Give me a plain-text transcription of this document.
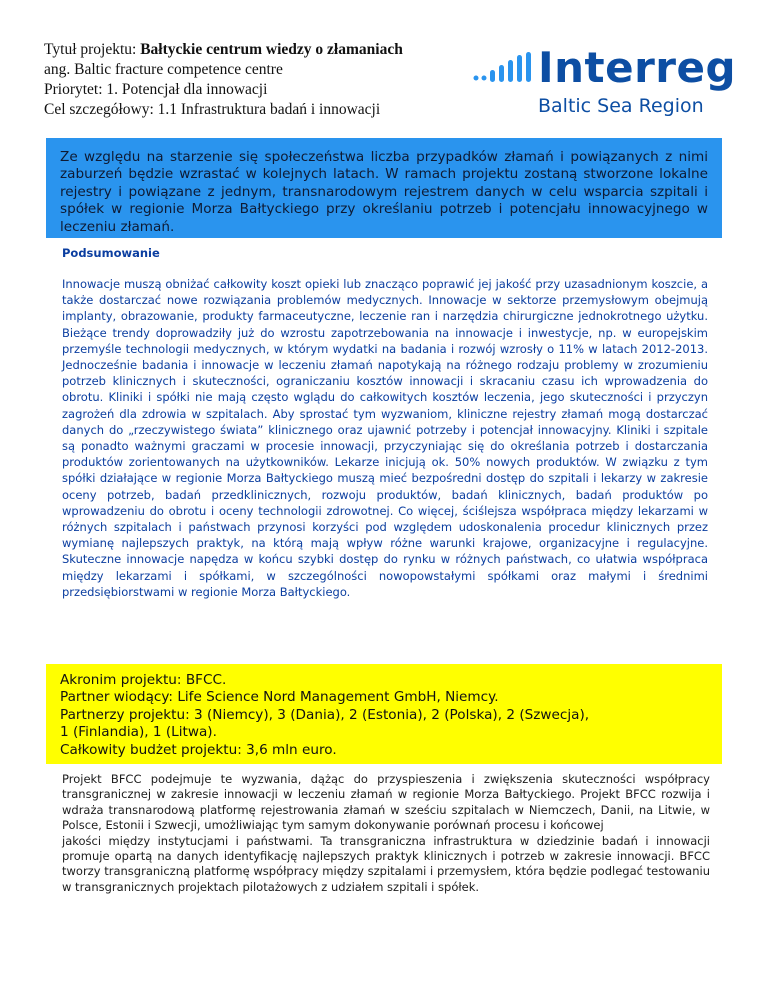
Tytuł projektu: Bałtyckie centrum wiedzy o złamaniach
ang. Baltic fracture competence centre
Priorytet: 1. Potencjał dla innowacji
Cel szczegółowy: 1.1 Infrastruktura badań i innowacji
Interreg
Baltic Sea Region
Ze względu na starzenie się społeczeństwa liczba przypadków złamań i powiązanych z nimi zaburzeń będzie wzrastać w kolejnych latach. W ramach projektu zostaną stworzone lokalne rejestry i powiązane z jednym, transnarodowym rejestrem danych w celu wsparcia szpitali i spółek w regionie Morza Bałtyckiego przy określaniu potrzeb i potencjału innowacyjnego w leczeniu złamań.
Podsumowanie
Innowacje muszą obniżać całkowity koszt opieki lub znacząco poprawić jej jakość przy uzasadnionym koszcie, a także dostarczać nowe rozwiązania problemów medycznych. Innowacje w sektorze przemysłowym obejmują implanty, obrazowanie, produkty farmaceutyczne, leczenie ran i narzędzia chirurgiczne jednokrotnego użytku. Bieżące trendy doprowadziły już do wzrostu zapotrzebowania na innowacje i inwestycje, np. w europejskim przemyśle technologii medycznych, w którym wydatki na badania i rozwój wzrosły o 11% w latach 2012-2013. Jednocześnie badania i innowacje w leczeniu złamań napotykają na różnego rodzaju problemy w zrozumieniu potrzeb klinicznych i skuteczności, ograniczaniu kosztów innowacji i skracaniu czasu ich wprowadzenia do obrotu. Kliniki i spółki nie mają często wglądu do całkowitych kosztów leczenia, jego skuteczności i przyczyn zagrożeń dla zdrowia w szpitalach. Aby sprostać tym wyzwaniom, kliniczne rejestry złamań mogą dostarczać danych do „rzeczywistego świata” klinicznego oraz ujawnić potrzeby i potencjał innowacyjny. Kliniki i szpitale są ponadto ważnymi graczami w procesie innowacji, przyczyniając się do określania potrzeb i dostarczania produktów zorientowanych na użytkowników. Lekarze inicjują ok. 50% nowych produktów. W związku z tym spółki działające w regionie Morza Bałtyckiego muszą mieć bezpośredni dostęp do szpitali i lekarzy w zakresie oceny potrzeb, badań przedklinicznych, rozwoju produktów, badań klinicznych, badań produktów po wprowadzeniu do obrotu i oceny technologii zdrowotnej. Co więcej, ściślejsza współpraca między lekarzami w różnych szpitalach i państwach przynosi korzyści pod względem udoskonalenia procedur klinicznych przez wymianę najlepszych praktyk, na którą mają wpływ różne warunki krajowe, organizacyjne i regulacyjne. Skuteczne innowacje napędza w końcu szybki dostęp do rynku w różnych państwach, co ułatwia współpraca między lekarzami i spółkami, w szczególności nowopowstałymi spółkami oraz małymi i średnimi przedsiębiorstwami w regionie Morza Bałtyckiego.
Akronim projektu: BFCC.
Partner wiodący: Life Science Nord Management GmbH, Niemcy.
Partnerzy projektu: 3 (Niemcy), 3 (Dania), 2 (Estonia), 2 (Polska), 2 (Szwecja),
1 (Finlandia), 1 (Litwa).
Całkowity budżet projektu: 3,6 mln euro.
Projekt BFCC podejmuje te wyzwania, dążąc do przyspieszenia i zwiększenia skuteczności współpracy transgranicznej w zakresie innowacji w leczeniu złamań w regionie Morza Bałtyckiego. Projekt BFCC rozwija i wdraża transnarodową platformę rejestrowania złamań w sześciu szpitalach w Niemczech, Danii, na Litwie, w Polsce, Estonii i Szwecji, umożliwiając tym samym dokonywanie porównań procesu i końcowej
jakości między instytucjami i państwami. Ta transgraniczna infrastruktura w dziedzinie badań i innowacji promuje opartą na danych identyfikację najlepszych praktyk klinicznych i potrzeb w zakresie innowacji. BFCC tworzy transgraniczną platformę współpracy między szpitalami i przemysłem, która będzie podlegać testowaniu w transgranicznych projektach pilotażowych z udziałem szpitali i spółek.
